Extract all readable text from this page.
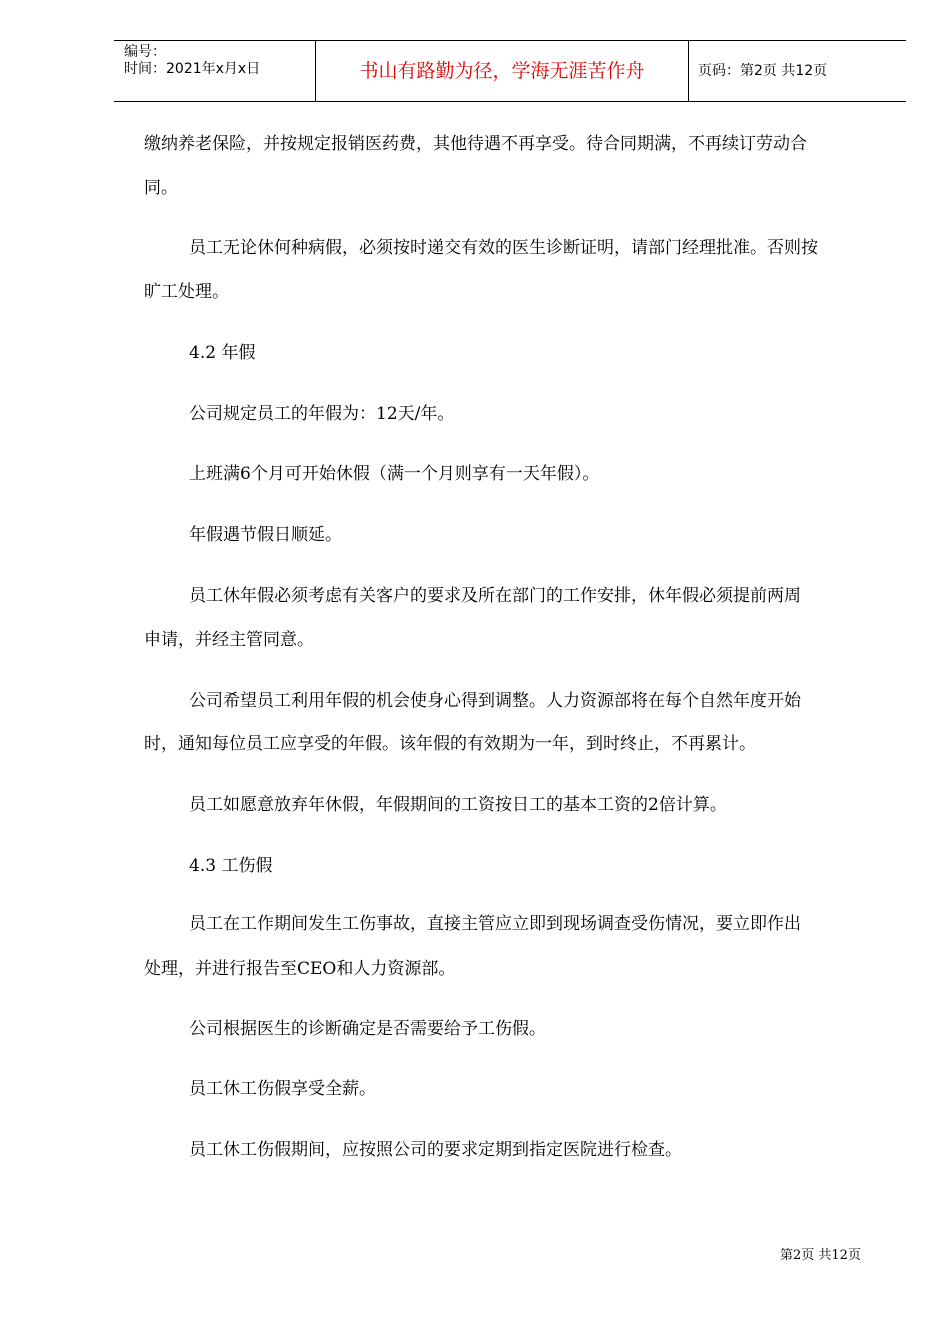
编号：
时间：2021年x月x日	书山有路勤为径，学海无涯苦作舟	页码：第2页 共12页
缴纳养老保险，并按规定报销医药费，其他待遇不再享受。待合同期满，不再续订劳动合
同。
员工无论休何种病假，必须按时递交有效的医生诊断证明，请部门经理批准。否则按
旷工处理。
4.2 年假
公司规定员工的年假为：12天/年。
上班满6个月可开始休假（满一个月则享有一天年假）。
年假遇节假日顺延。
员工休年假必须考虑有关客户的要求及所在部门的工作安排，休年假必须提前两周
申请，并经主管同意。
公司希望员工利用年假的机会使身心得到调整。人力资源部将在每个自然年度开始
时，通知每位员工应享受的年假。该年假的有效期为一年，到时终止，不再累计。
员工如愿意放弃年休假，年假期间的工资按日工的基本工资的2倍计算。
4.3 工伤假
员工在工作期间发生工伤事故，直接主管应立即到现场调查受伤情况，要立即作出
处理，并进行报告至CEO和人力资源部。
公司根据医生的诊断确定是否需要给予工伤假。
员工休工伤假享受全薪。
员工休工伤假期间，应按照公司的要求定期到指定医院进行检查。
第2页 共12页
